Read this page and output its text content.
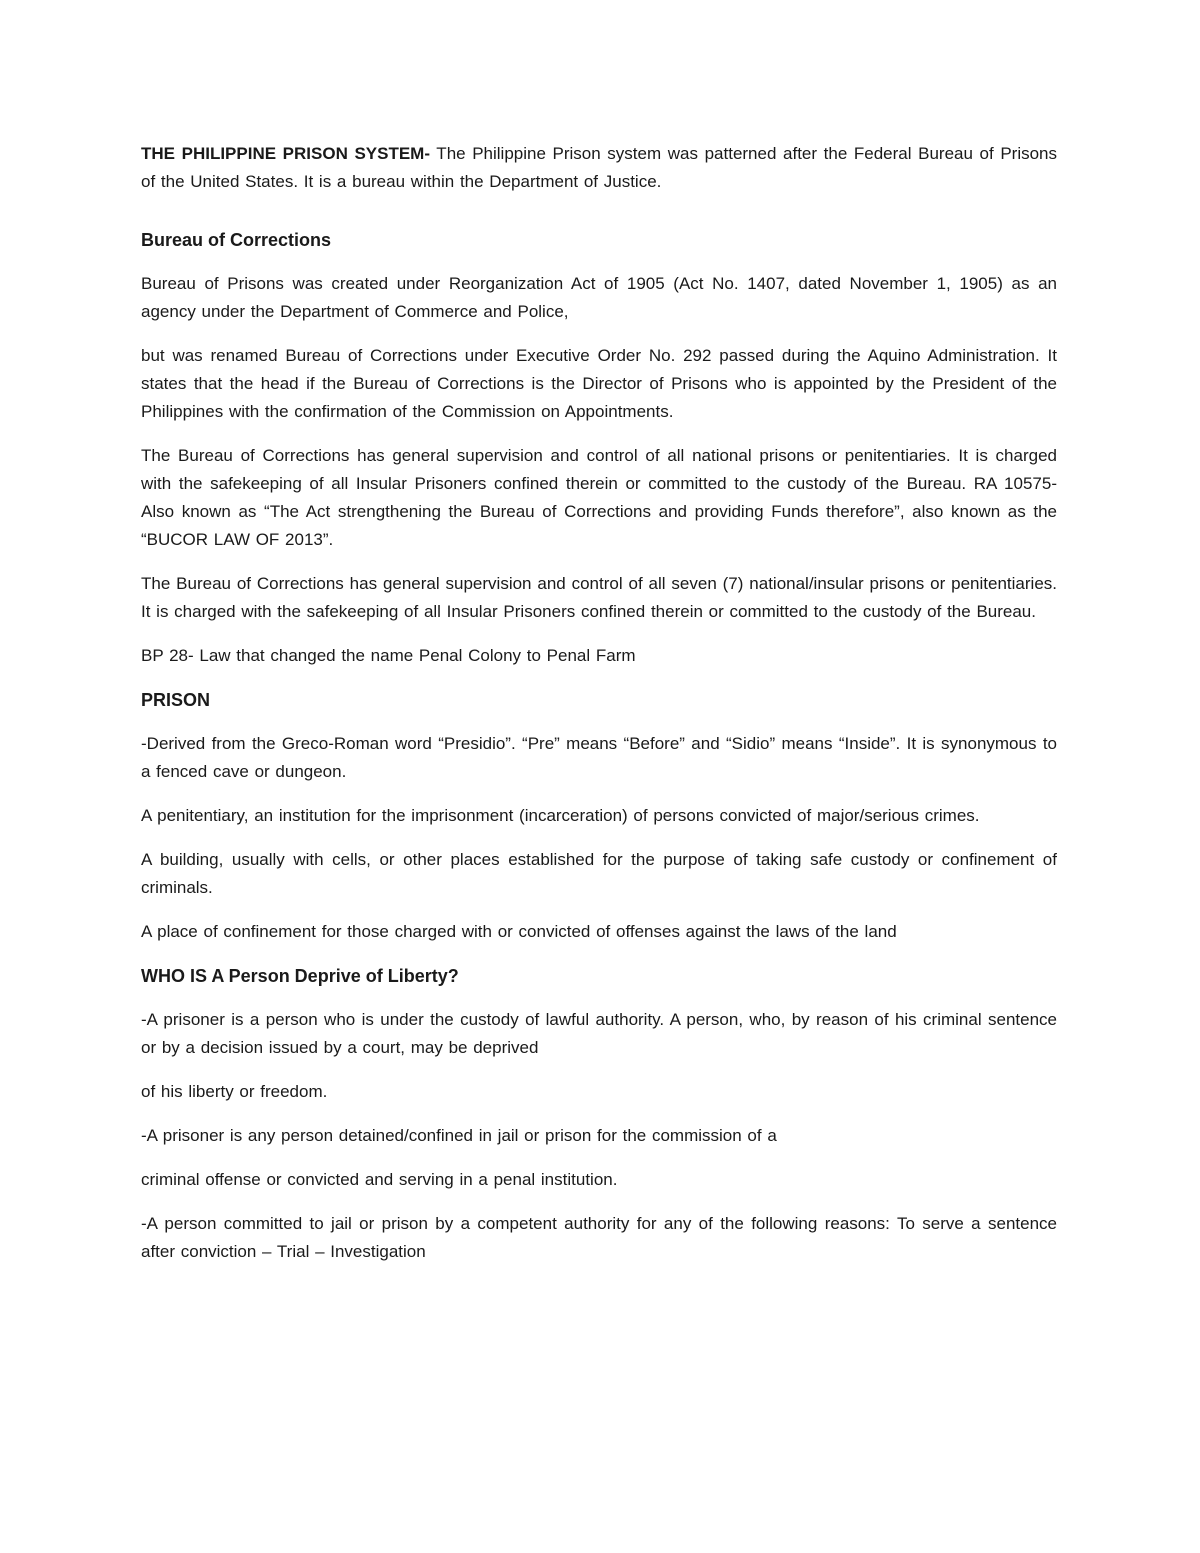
THE PHILIPPINE PRISON SYSTEM- The Philippine Prison system was patterned after the Federal Bureau of Prisons of the United States. It is a bureau within the Department of Justice.

Bureau of Corrections

Bureau of Prisons was created under Reorganization Act of 1905 (Act No. 1407, dated November 1, 1905) as an agency under the Department of Commerce and Police,

but was renamed Bureau of Corrections under Executive Order No. 292 passed during the Aquino Administration. It states that the head if the Bureau of Corrections is the Director of Prisons who is appointed by the President of the Philippines with the confirmation of the Commission on Appointments.

The Bureau of Corrections has general supervision and control of all national prisons or penitentiaries. It is charged with the safekeeping of all Insular Prisoners confined therein or committed to the custody of the Bureau. RA 10575- Also known as “The Act strengthening the Bureau of Corrections and providing Funds therefore”, also known as the “BUCOR LAW OF 2013”.

The Bureau of Corrections has general supervision and control of all seven (7) national/insular prisons or penitentiaries. It is charged with the safekeeping of all Insular Prisoners confined therein or committed to the custody of the Bureau.

BP 28- Law that changed the name Penal Colony to Penal Farm

PRISON

-Derived from the Greco-Roman word “Presidio”. “Pre” means “Before” and “Sidio” means “Inside”. It is synonymous to a fenced cave or dungeon.

A penitentiary, an institution for the imprisonment (incarceration) of persons convicted of major/serious crimes.

A building, usually with cells, or other places established for the purpose of taking safe custody or confinement of criminals.

A place of confinement for those charged with or convicted of offenses against the laws of the land

WHO IS A Person Deprive of Liberty?

-A prisoner is a person who is under the custody of lawful authority. A person, who, by reason of his criminal sentence or by a decision issued by a court, may be deprived

of his liberty or freedom.

-A prisoner is any person detained/confined in jail or prison for the commission of a

criminal offense or convicted and serving in a penal institution.

-A person committed to jail or prison by a competent authority for any of the following reasons: To serve a sentence after conviction – Trial – Investigation
